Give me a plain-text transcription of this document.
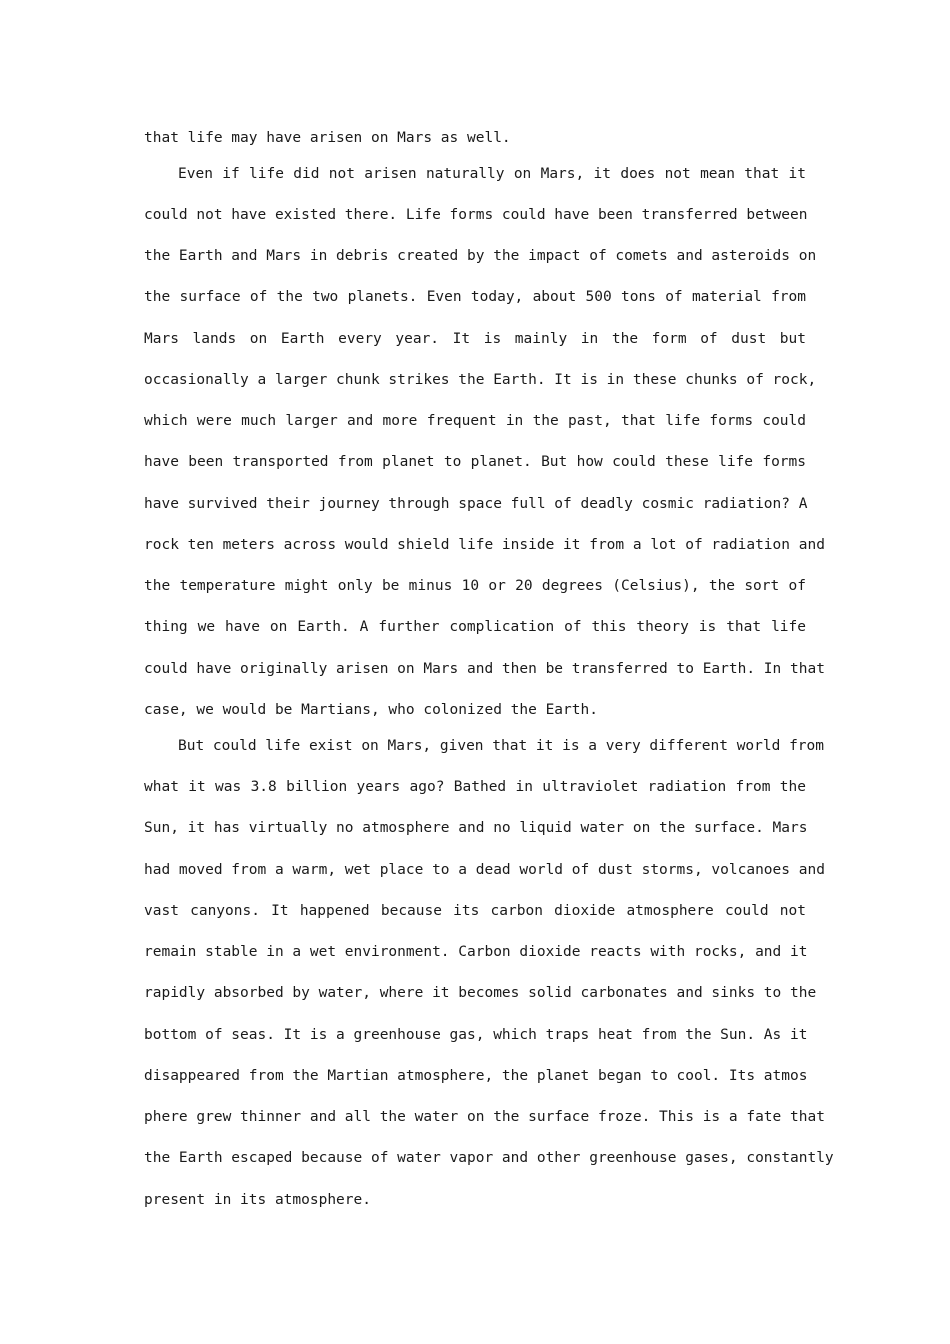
that life may have arisen on Mars as well.
Even if life did not arisen naturally on Mars, it does not mean that it
could not have existed there. Life forms could have been transferred between
the Earth and Mars in debris created by the impact of comets and asteroids on
the surface of the two planets. Even today, about 500 tons of material from
Mars lands on Earth every year. It is mainly in the form of dust but
occasionally a larger chunk strikes the Earth. It is in these chunks of rock,
which were much larger and more frequent in the past, that life forms could
have been transported from planet to planet. But how could these life forms
have survived their journey through space full of deadly cosmic radiation? A
rock ten meters across would shield life inside it from a lot of radiation and
the temperature might only be minus 10 or 20 degrees (Celsius), the sort of
thing we have on Earth. A further complication of this theory is that life
could have originally arisen on Mars and then be transferred to Earth. In that
case, we would be Martians, who colonized the Earth.
But could life exist on Mars, given that it is a very different world from
what it was 3.8 billion years ago? Bathed in ultraviolet radiation from the
Sun, it has virtually no atmosphere and no liquid water on the surface. Mars
had moved from a warm, wet place to a dead world of dust storms, volcanoes and
vast canyons. It happened because its carbon dioxide atmosphere could not
remain stable in a wet environment. Carbon dioxide reacts with rocks, and it
rapidly absorbed by water, where it becomes solid carbonates and sinks to the
bottom of seas. It is a greenhouse gas, which traps heat from the Sun. As it
disappeared from the Martian atmosphere, the planet began to cool. Its atmos
phere grew thinner and all the water on the surface froze. This is a fate that
the Earth escaped because of water vapor and other greenhouse gases, constantly
present in its atmosphere.
